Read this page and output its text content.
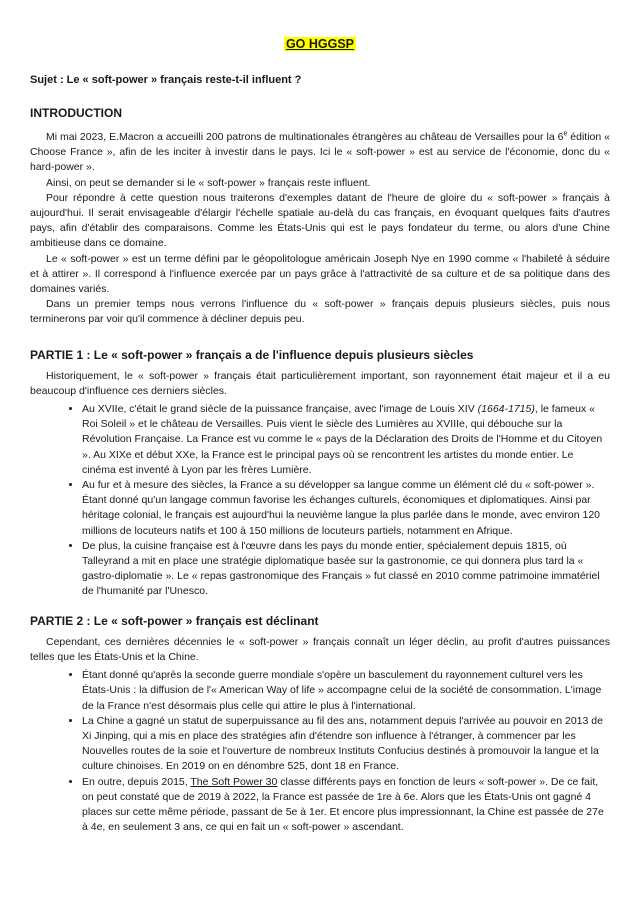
GO HGGSP
Sujet : Le « soft-power » français reste-t-il influent ?
INTRODUCTION

Mi mai 2023, E.Macron a accueilli 200 patrons de multinationales étrangères au château de Versailles pour la 6e édition « Choose France », afin de les inciter à investir dans le pays. Ici le « soft-power » est au service de l'économie, donc du « hard-power ».

Ainsi, on peut se demander si le « soft-power » français reste influent.

Pour répondre à cette question nous traiterons d'exemples datant de l'heure de gloire du « soft-power » français à aujourd'hui. Il serait envisageable d'élargir l'échelle spatiale au-delà du cas français, en évoquant quelques faits d'autres pays, afin d'établir des comparaisons. Comme les États-Unis qui est le pays fondateur du terme, ou alors d'une Chine ambitieuse dans ce domaine.

Le « soft-power » est un terme défini par le géopolitologue américain Joseph Nye en 1990 comme « l'habileté à séduire et à attirer ». Il correspond à l'influence exercée par un pays grâce à l'attractivité de sa culture et de sa politique dans des domaines variés.

Dans un premier temps nous verrons l'influence du « soft-power » français depuis plusieurs siècles, puis nous terminerons par voir qu'il commence à décliner depuis peu.

PARTIE 1 : Le « soft-power » français a de l'influence depuis plusieurs siècles

Historiquement, le « soft-power » français était particulièrement important, son rayonnement était majeur et il a eu beaucoup d'influence ces derniers siècles.

• Au XVIIe, c'était le grand siècle de la puissance française, avec l'image de Louis XIV (1664-1715), le fameux « Roi Soleil » et le château de Versailles. Puis vient le siècle des Lumières au XVIIIe, qui débouche sur la Révolution Française. La France est vu comme le « pays de la Déclaration des Droits de l'Homme et du Citoyen ». Au XIXe et début XXe, la France est le principal pays où se rencontrent les artistes du monde entier. Le cinéma est inventé à Lyon par les frères Lumière.
• Au fur et à mesure des siècles, la France a su développer sa langue comme un élément clé du « soft-power ». Étant donné qu'un langage commun favorise les échanges culturels, économiques et diplomatiques. Ainsi par héritage colonial, le français est aujourd'hui la neuvième langue la plus parlée dans le monde, avec environ 120 millions de locuteurs natifs et 100 à 150 millions de locuteurs partiels, notamment en Afrique.
• De plus, la cuisine française est à l'œuvre dans les pays du monde entier, spécialement depuis 1815, où Talleyrand a mit en place une stratégie diplomatique basée sur la gastronomie, ce qui donnera plus tard la « gastro-diplomatie ». Le « repas gastronomique des Français » fut classé en 2010 comme patrimoine immatériel de l'humanité par l'Unesco.
PARTIE 2 : Le « soft-power » français est déclinant

Cependant, ces dernières décennies le « soft-power » français connaît un léger déclin, au profit d'autres puissances telles que les États-Unis et la Chine.

• Étant donné qu'après la seconde guerre mondiale s'opère un basculement du rayonnement culturel vers les États-Unis : la diffusion de l'« American Way of life » accompagne celui de la société de consommation. L'image de la France n'est désormais plus celle qui attire le plus à l'international.
• La Chine a gagné un statut de superpuissance au fil des ans, notamment depuis l'arrivée au pouvoir en 2013 de Xi Jinping, qui a mis en place des stratégies afin d'étendre son influence à l'étranger, à commencer par les Nouvelles routes de la soie et l'ouverture de nombreux Instituts Confucius destinés à promouvoir la langue et la culture chinoises. En 2019 on en dénombre 525, dont 18 en France.
• En outre, depuis 2015, The Soft Power 30 classe différents pays en fonction de leurs « soft-power ». De ce fait, on peut constaté que de 2019 à 2022, la France est passée de 1re à 6e. Alors que les États-Unis ont gagné 4 places sur cette même période, passant de 5e à 1er. Et encore plus impressionnant, la Chine est passée de 27e à 4e, en seulement 3 ans, ce qui en fait un « soft-power » ascendant.
